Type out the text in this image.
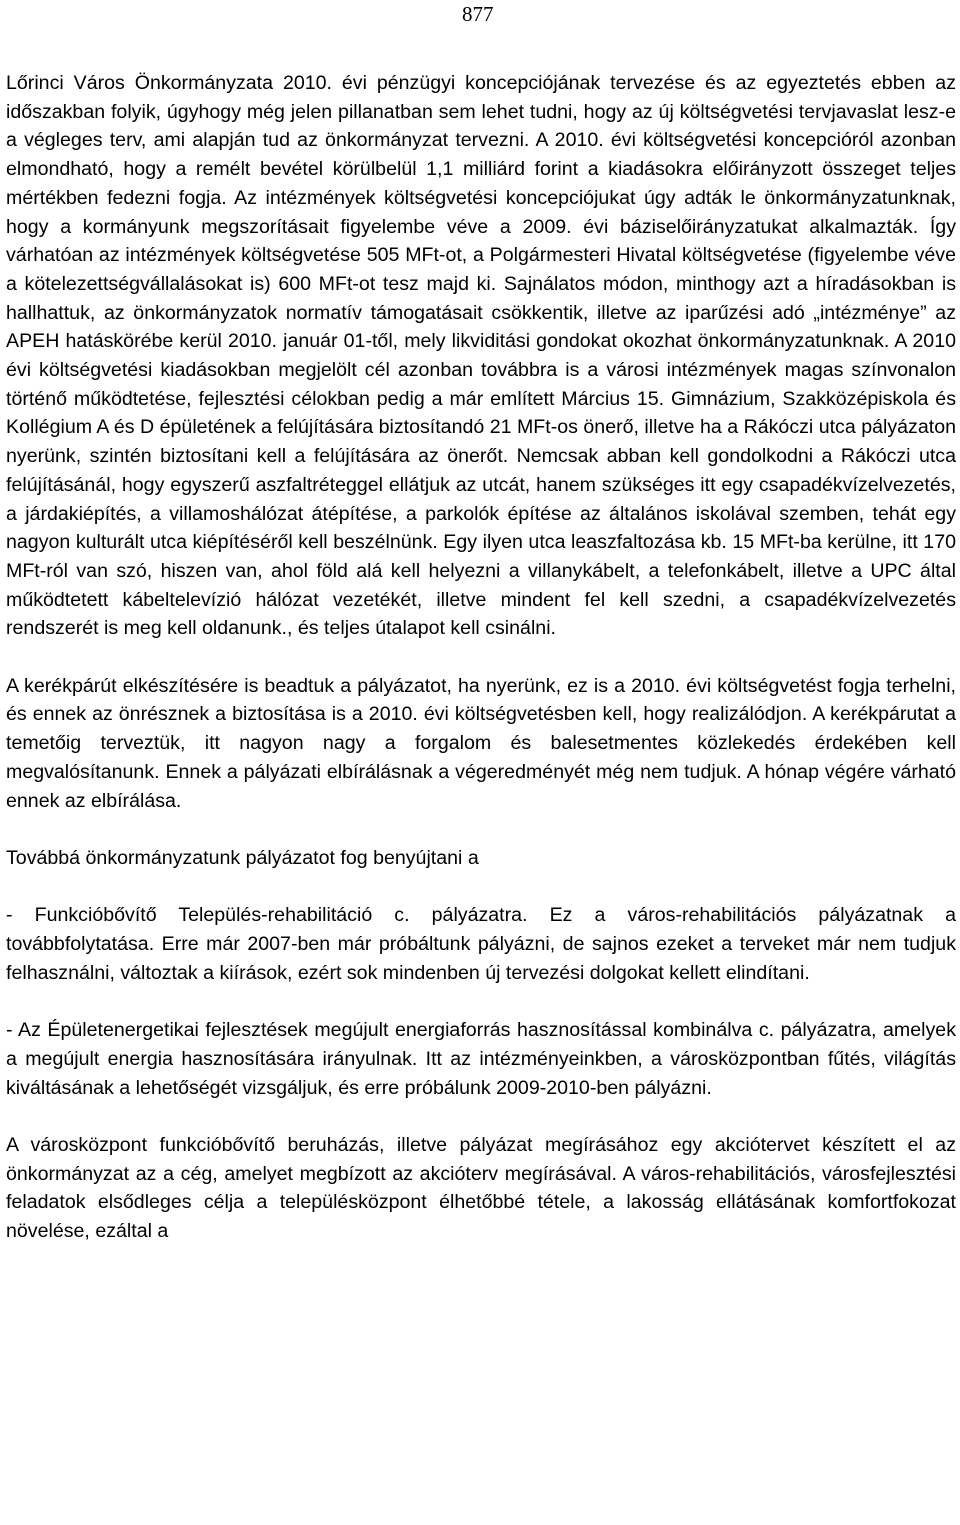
877

Lőrinci Város Önkormányzata 2010. évi pénzügyi koncepciójának tervezése és az egyeztetés ebben az időszakban folyik, úgyhogy még jelen pillanatban sem lehet tudni, hogy az új költségvetési tervjavaslat lesz-e a végleges terv, ami alapján tud az önkormányzat tervezni. A 2010. évi költségvetési koncepcióról azonban elmondható, hogy a remélt bevétel körülbelül 1,1 milliárd forint a kiadásokra előirányzott összeget teljes mértékben fedezni fogja. Az intézmények költségvetési koncepciójukat úgy adták le önkormányzatunknak, hogy a kormányunk megszorításait figyelembe véve a 2009. évi báziselőirányzatukat alkalmazták. Így várhatóan az intézmények költségvetése 505 MFt-ot, a Polgármesteri Hivatal költségvetése (figyelembe véve a kötelezettségvállalásokat is) 600 MFt-ot tesz majd ki. Sajnálatos módon, minthogy azt a híradásokban is hallhattuk, az önkormányzatok normatív támogatásait csökkentik, illetve az iparűzési adó „intézménye” az APEH hatáskörébe kerül 2010. január 01-től, mely likviditási gondokat okozhat önkormányzatunknak. A 2010 évi költségvetési kiadásokban megjelölt cél azonban továbbra is a városi intézmények magas színvonalon történő működtetése, fejlesztési célokban pedig a már említett Március 15. Gimnázium, Szakközépiskola és Kollégium A és D épületének a felújítására biztosítandó 21 MFt-os önerő, illetve ha a Rákóczi utca pályázaton nyerünk, szintén biztosítani kell a felújítására az önerőt. Nemcsak abban kell gondolkodni a Rákóczi utca felújításánál, hogy egyszerű aszfaltréteggel ellátjuk az utcát, hanem szükséges itt egy csapadékvízelvezetés, a járdakiépítés, a villamoshálózat átépítése, a parkolók építése az általános iskolával szemben, tehát egy nagyon kulturált utca kiépítéséről kell beszélnünk. Egy ilyen utca leaszfaltozása kb. 15 MFt-ba kerülne, itt 170 MFt-ról van szó, hiszen van, ahol föld alá kell helyezni a villanykábelt, a telefonkábelt, illetve a UPC által működtetett kábeltelevízió hálózat vezetékét, illetve mindent fel kell szedni, a csapadékvízelvezetés rendszerét is meg kell oldanunk., és teljes útalapot kell csinálni.

A kerékpárút elkészítésére is beadtuk a pályázatot, ha nyerünk, ez is a 2010. évi költségvetést fogja terhelni, és ennek az önrésznek a biztosítása is a 2010. évi költségvetésben kell, hogy realizálódjon. A kerékpárutat a temetőig terveztük, itt nagyon nagy a forgalom és balesetmentes közlekedés érdekében kell megvalósítanunk. Ennek a pályázati elbírálásnak a végeredményét még nem tudjuk. A hónap végére várható ennek az elbírálása.

Továbbá önkormányzatunk pályázatot fog benyújtani a

- Funkcióbővítő Település-rehabilitáció c. pályázatra. Ez a város-rehabilitációs pályázatnak a továbbfolytatása. Erre már 2007-ben már próbáltunk pályázni, de sajnos ezeket a terveket már nem tudjuk felhasználni, változtak a kiírások, ezért sok mindenben új tervezési dolgokat kellett elindítani.

- Az Épületenergetikai fejlesztések megújult energiaforrás hasznosítással kombinálva c. pályázatra, amelyek a megújult energia hasznosítására irányulnak. Itt az intézményeinkben, a városközpontban fűtés, világítás kiváltásának a lehetőségét vizsgáljuk, és erre próbálunk 2009-2010-ben pályázni.

A városközpont funkcióbővítő beruházás, illetve pályázat megírásához egy akciótervet készített el az önkormányzat az a cég, amelyet megbízott az akcióterv megírásával. A város-rehabilitációs, városfejlesztési feladatok elsődleges célja a településközpont élhetőbbé tétele, a lakosság ellátásának komfortfokozat növelése, ezáltal a
